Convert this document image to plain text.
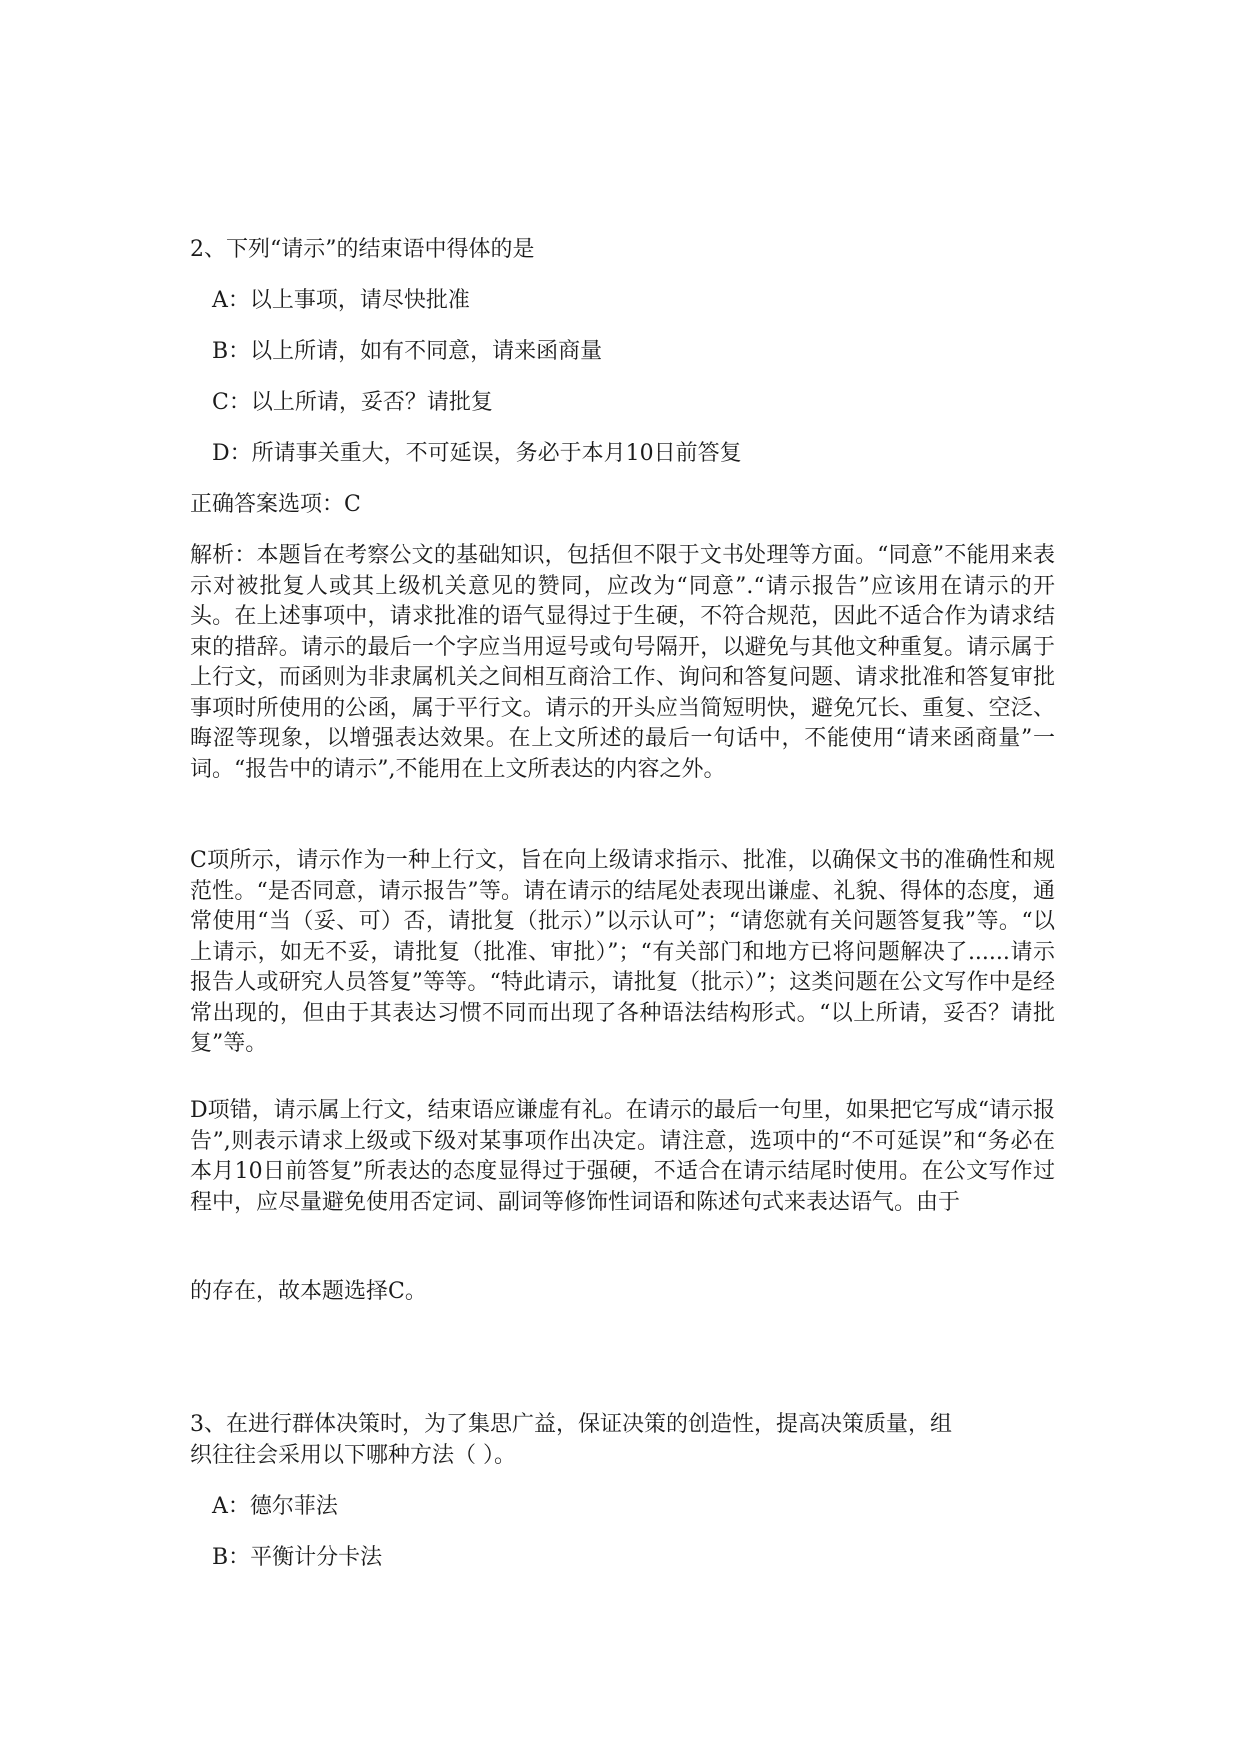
2、下列“请示”的结束语中得体的是
A：以上事项，请尽快批准
B：以上所请，如有不同意，请来函商量
C：以上所请，妥否？请批复
D：所请事关重大，不可延误，务必于本月10日前答复
正确答案选项：C
解析：本题旨在考察公文的基础知识，包括但不限于文书处理等方面。“同意”不能用来表示对被批复人或其上级机关意见的赞同，应改为“同意”.“请示报告”应该用在请示的开头。在上述事项中，请求批准的语气显得过于生硬，不符合规范，因此不适合作为请求结束的措辞。请示的最后一个字应当用逗号或句号隔开，以避免与其他文种重复。请示属于上行文，而函则为非隶属机关之间相互商洽工作、询问和答复问题、请求批准和答复审批事项时所使用的公函，属于平行文。请示的开头应当简短明快，避免冗长、重复、空泛、晦涩等现象，以增强表达效果。在上文所述的最后一句话中，不能使用“请来函商量”一词。“报告中的请示”,不能用在上文所表达的内容之外。
C项所示，请示作为一种上行文，旨在向上级请求指示、批准，以确保文书的准确性和规范性。“是否同意，请示报告”等。请在请示的结尾处表现出谦虚、礼貌、得体的态度，通常使用“当（妥、可）否，请批复（批示）”以示认可”；“请您就有关问题答复我”等。“以上请示，如无不妥，请批复（批准、审批）”；“有关部门和地方已将问题解决了......请示报告人或研究人员答复”等等。“特此请示，请批复（批示）”；这类问题在公文写作中是经常出现的，但由于其表达习惯不同而出现了各种语法结构形式。“以上所请，妥否？请批复”等。
D项错，请示属上行文，结束语应谦虚有礼。在请示的最后一句里，如果把它写成“请示报告”,则表示请求上级或下级对某事项作出决定。请注意，选项中的“不可延误”和“务必在本月10日前答复”所表达的态度显得过于强硬，不适合在请示结尾时使用。在公文写作过程中，应尽量避免使用否定词、副词等修饰性词语和陈述句式来表达语气。由于
的存在，故本题选择C。
3、在进行群体决策时，为了集思广益，保证决策的创造性，提高决策质量，组
织往往会采用以下哪种方法（ ）。
A：德尔菲法
B：平衡计分卡法
